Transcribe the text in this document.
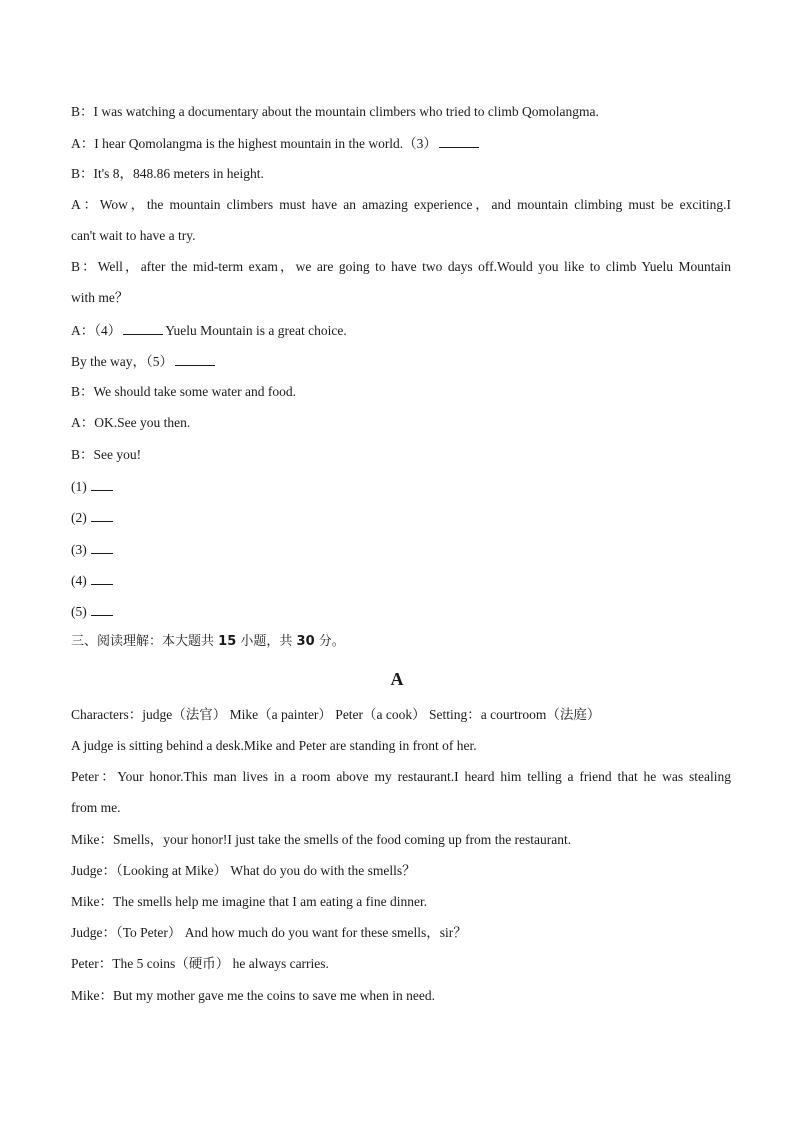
B：I was watching a documentary about the mountain climbers who tried to climb Qomolangma.
A：I hear Qomolangma is the highest mountain in the world.（3）
B：It's 8，848.86 meters in height.
A：Wow，the mountain climbers must have an amazing experience，and mountain climbing must be exciting.I
can't wait to have a try.
B：Well，after the mid-term exam，we are going to have two days off.Would you like to climb Yuelu Mountain
with me？
A：（4）	Yuelu Mountain is a great choice.
By the way，（5）
B：We should take some water and food.
A：OK.See you then.
B：See you!
(1)
(2)
(3)
(4)
(5)
三、阅读理解：本大题共 15 小题，共 30 分。
A
Characters：judge（法官） Mike（a painter） Peter（a cook） Setting：a courtroom（法庭）
A judge is sitting behind a desk.Mike and Peter are standing in front of her.
Peter：Your honor.This man lives in a room above my restaurant.I heard him telling a friend that he was stealing
from me.
Mike：Smells，your honor!I just take the smells of the food coming up from the restaurant.
Judge：（Looking at Mike） What do you do with the smells？
Mike：The smells help me imagine that I am eating a fine dinner.
Judge：（To Peter） And how much do you want for these smells，sir？
Peter：The 5 coins（硬币） he always carries.
Mike：But my mother gave me the coins to save me when in need.
